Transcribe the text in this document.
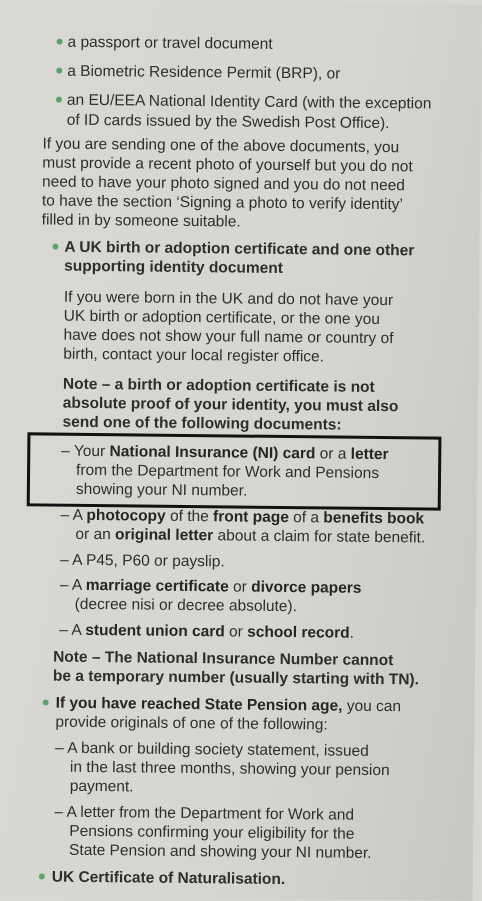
a passport or travel document
a Biometric Residence Permit (BRP), or
an EU/EEA National Identity Card (with the exception
of ID cards issued by the Swedish Post Office).
If you are sending one of the above documents, you
must provide a recent photo of yourself but you do not
need to have your photo signed and you do not need
to have the section ‘Signing a photo to verify identity’
filled in by someone suitable.
A UK birth or adoption certificate and one other
supporting identity document
If you were born in the UK and do not have your
UK birth or adoption certificate, or the one you
have does not show your full name or country of
birth, contact your local register office.
Note – a birth or adoption certificate is not
absolute proof of your identity, you must also
send one of the following documents:
– Your National Insurance (NI) card or a letter
from the Department for Work and Pensions
showing your NI number.
– A photocopy of the front page of a benefits book
or an original letter about a claim for state benefit.
– A P45, P60 or payslip.
– A marriage certificate or divorce papers
(decree nisi or decree absolute).
– A student union card or school record.
Note – The National Insurance Number cannot
be a temporary number (usually starting with TN).
If you have reached State Pension age, you can
provide originals of one of the following:
– A bank or building society statement, issued
in the last three months, showing your pension
payment.
– A letter from the Department for Work and
Pensions confirming your eligibility for the
State Pension and showing your NI number.
UK Certificate of Naturalisation.
